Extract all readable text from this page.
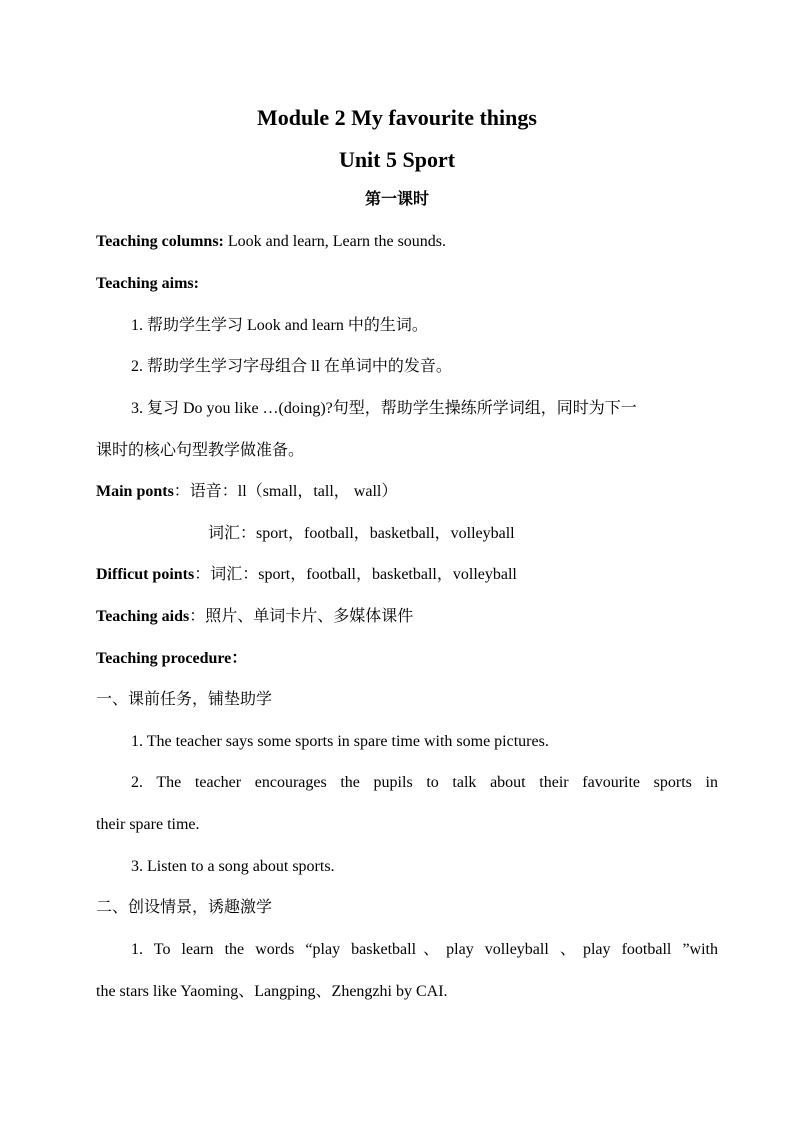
Module 2 My favourite things
Unit 5 Sport
第一课时
Teaching columns: Look and learn, Learn the sounds.
Teaching aims:
1. 帮助学生学习 Look and learn 中的生词。
2. 帮助学生学习字母组合 ll 在单词中的发音。
3. 复习 Do you like …(doing)?句型，帮助学生操练所学词组，同时为下一
课时的核心句型教学做准备。
Main ponts：语音：ll（small，tall， wall）
词汇：sport，football，basketball，volleyball
Difficut points：词汇：sport，football，basketball，volleyball
Teaching aids：照片、单词卡片、多媒体课件
Teaching procedure：
一、课前任务，铺垫助学
1. The teacher says some sports in spare time with some pictures.
2. The teacher encourages the pupils to talk about their favourite sports in
their spare time.
3. Listen to a song about sports.
二、创设情景，诱趣激学
1. To learn the words “play basketball、play volleyball 、play football ”with
the stars like Yaoming、Langping、Zhengzhi by CAI.
